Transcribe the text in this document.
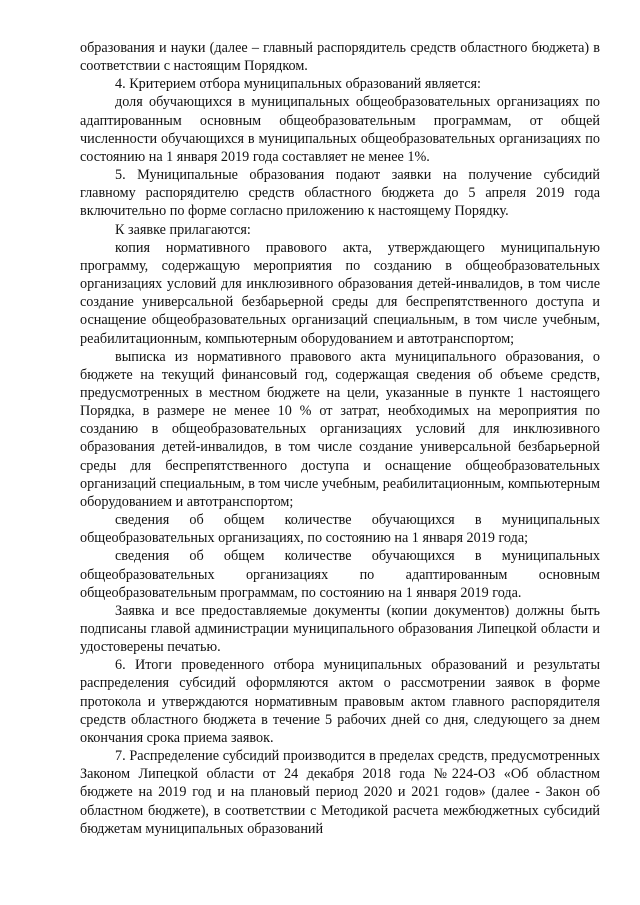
образования и науки (далее – главный распорядитель средств областного бюджета) в соответствии с настоящим Порядком.

4. Критерием отбора муниципальных образований является:

доля обучающихся в муниципальных общеобразовательных организациях по адаптированным основным общеобразовательным программам, от общей численности обучающихся в муниципальных общеобразовательных организациях по состоянию на 1 января 2019 года составляет не менее 1%.

5. Муниципальные образования подают заявки на получение субсидий главному распорядителю средств областного бюджета до 5 апреля 2019 года включительно по форме согласно приложению к настоящему Порядку.

К заявке прилагаются:

копия нормативного правового акта, утверждающего муниципальную программу, содержащую мероприятия по созданию в общеобразовательных организациях условий для инклюзивного образования детей-инвалидов, в том числе создание универсальной безбарьерной среды для беспрепятственного доступа и оснащение общеобразовательных организаций специальным, в том числе учебным, реабилитационным, компьютерным оборудованием и автотранспортом;

выписка из нормативного правового акта муниципального образования, о бюджете на текущий финансовый год, содержащая сведения об объеме средств, предусмотренных в местном бюджете на цели, указанные в пункте 1 настоящего Порядка, в размере не менее 10 % от затрат, необходимых на мероприятия по созданию в общеобразовательных организациях условий для инклюзивного образования детей-инвалидов, в том числе создание универсальной безбарьерной среды для беспрепятственного доступа и оснащение общеобразовательных организаций специальным, в том числе учебным, реабилитационным, компьютерным оборудованием и автотранспортом;

сведения об общем количестве обучающихся в муниципальных общеобразовательных организациях, по состоянию на 1 января 2019 года;

сведения об общем количестве обучающихся в муниципальных общеобразовательных организациях по адаптированным основным общеобразовательным программам, по состоянию на 1 января 2019 года.

Заявка и все предоставляемые документы (копии документов) должны быть подписаны главой администрации муниципального образования Липецкой области и удостоверены печатью.

6. Итоги проведенного отбора муниципальных образований и результаты распределения субсидий оформляются актом о рассмотрении заявок в форме протокола и утверждаются нормативным правовым актом главного распорядителя средств областного бюджета в течение 5 рабочих дней со дня, следующего за днем окончания срока приема заявок.

7. Распределение субсидий производится в пределах средств, предусмотренных Законом Липецкой области от 24 декабря 2018 года №224-ОЗ «Об областном бюджете на 2019 год и на плановый период 2020 и 2021 годов» (далее - Закон об областном бюджете), в соответствии с Методикой расчета межбюджетных субсидий бюджетам муниципальных образований
